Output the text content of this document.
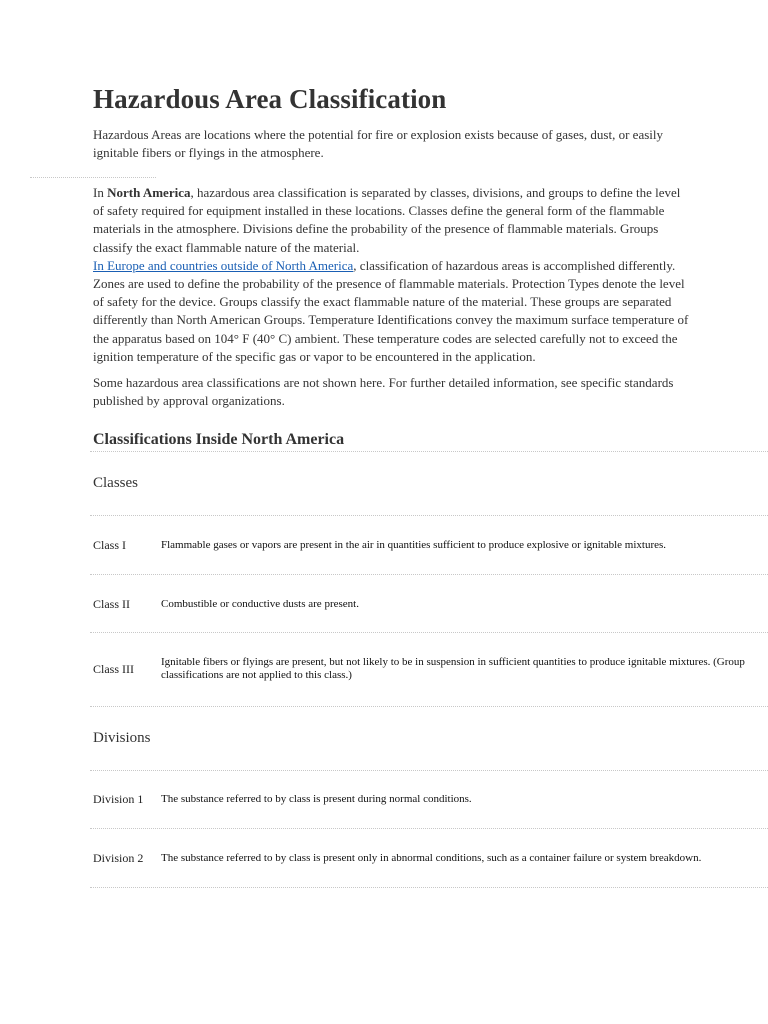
Hazardous Area Classification

Hazardous Areas are locations where the potential for fire or explosion exists because of gases, dust, or easily ignitable fibers or flyings in the atmosphere.

In North America, hazardous area classification is separated by classes, divisions, and groups to define the level of safety required for equipment installed in these locations. Classes define the general form of the flammable materials in the atmosphere. Divisions define the probability of the presence of flammable materials. Groups classify the exact flammable nature of the material.

In Europe and countries outside of North America, classification of hazardous areas is accomplished differently. Zones are used to define the probability of the presence of flammable materials. Protection Types denote the level of safety for the device. Groups classify the exact flammable nature of the material. These groups are separated differently than North American Groups. Temperature Identifications convey the maximum surface temperature of the apparatus based on 104° F (40° C) ambient. These temperature codes are selected carefully not to exceed the ignition temperature of the specific gas or vapor to be encountered in the application.

Some hazardous area classifications are not shown here. For further detailed information, see specific standards published by approval organizations.

Classifications Inside North America
Classes
Class I	Flammable gases or vapors are present in the air in quantities sufficient to produce explosive or ignitable mixtures.
Class II	Combustible or conductive dusts are present.
Class III Ignitable fibers or flyings are present, but not likely to be in suspension in sufficient quantities to produce ignitable mixtures. (Group classifications are not applied to this class.)
Divisions
Division 1 The substance referred to by class is present during normal conditions.
Division 2 The substance referred to by class is present only in abnormal conditions, such as a container failure or system breakdown.
